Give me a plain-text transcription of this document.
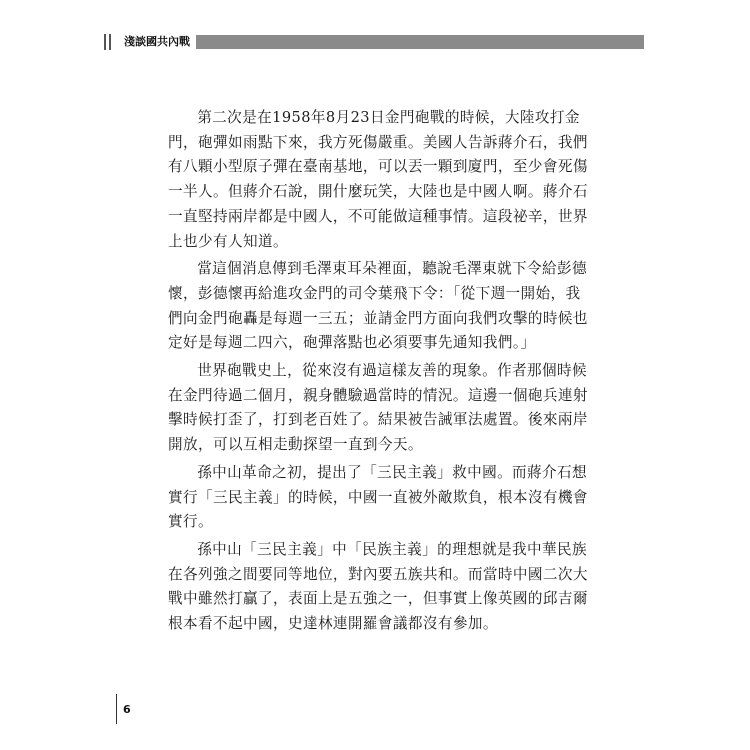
淺談國共內戰

第二次是在1958年8月23日金門砲戰的時候，大陸攻打金
門，砲彈如雨點下來，我方死傷嚴重。美國人告訴蔣介石，我們
有八顆小型原子彈在臺南基地，可以丟一顆到廈門，至少會死傷
一半人。但蔣介石說，開什麼玩笑，大陸也是中國人啊。蔣介石
一直堅持兩岸都是中國人，不可能做這種事情。這段祕辛，世界
上也少有人知道。

當這個消息傳到毛澤東耳朵裡面，聽說毛澤東就下令給彭德
懷，彭德懷再給進攻金門的司令葉飛下令：「從下週一開始，我
們向金門砲轟是每週一三五；並請金門方面向我們攻擊的時候也
定好是每週二四六，砲彈落點也必須要事先通知我們。」

世界砲戰史上，從來沒有過這樣友善的現象。作者那個時候
在金門待過二個月，親身體驗過當時的情況。這邊一個砲兵連射
擊時候打歪了，打到老百姓了。結果被告誡軍法處置。後來兩岸
開放，可以互相走動探望一直到今天。

孫中山革命之初，提出了「三民主義」救中國。而蔣介石想
實行「三民主義」的時候，中國一直被外敵欺負，根本沒有機會
實行。

孫中山「三民主義」中「民族主義」的理想就是我中華民族
在各列強之間要同等地位，對內要五族共和。而當時中國二次大
戰中雖然打贏了，表面上是五強之一，但事實上像英國的邱吉爾
根本看不起中國，史達林連開羅會議都沒有參加。

6
